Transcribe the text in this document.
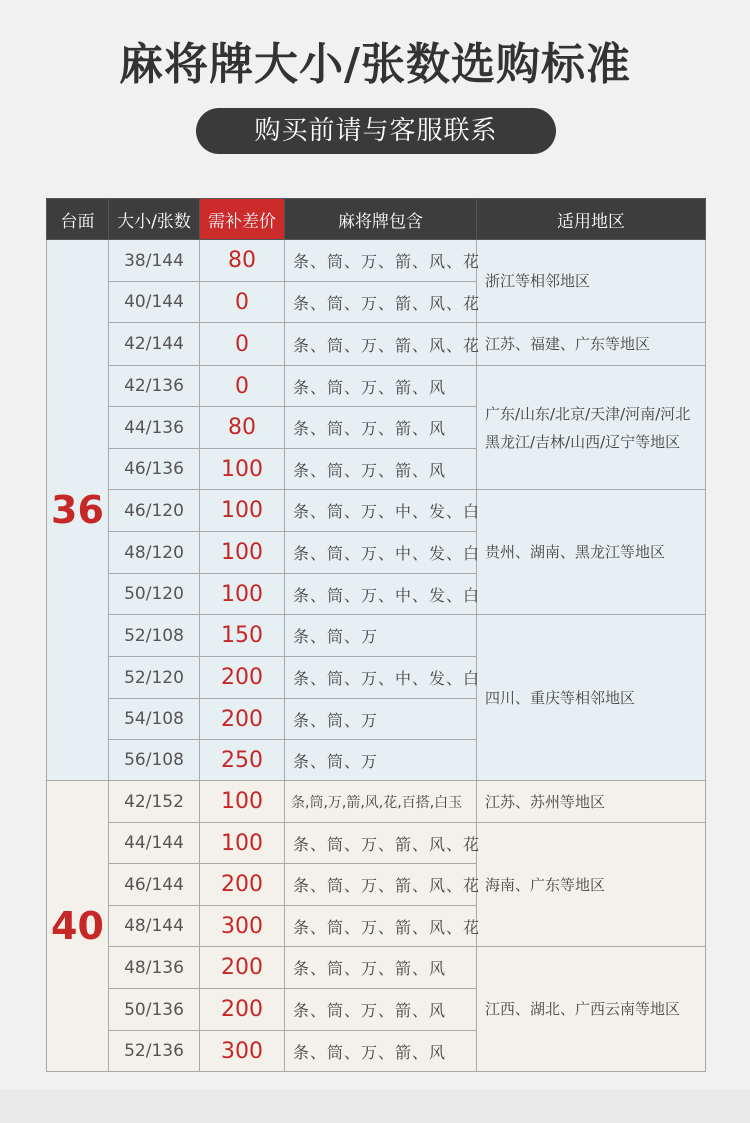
麻将牌大小/张数选购标准
购买前请与客服联系
台面	大小/张数	需补差价	麻将牌包含	适用地区
36	38/144	80	条、筒、万、箭、风、花	浙江等相邻地区
	40/144	0	条、筒、万、箭、风、花	
	42/144	0	条、筒、万、箭、风、花	江苏、福建、广东等地区
	42/136	0	条、筒、万、箭、风	广东/山东/北京/天津/河南/河北黑龙江/吉林/山西/辽宁等地区
	44/136	80	条、筒、万、箭、风	
	46/136	100	条、筒、万、箭、风	
	46/120	100	条、筒、万、中、发、白	贵州、湖南、黑龙江等地区
	48/120	100	条、筒、万、中、发、白	
	50/120	100	条、筒、万、中、发、白	
	52/108	150	条、筒、万	四川、重庆等相邻地区
	52/120	200	条、筒、万、中、发、白	
	54/108	200	条、筒、万	
	56/108	250	条、筒、万	
40	42/152	100	条,筒,万,箭,风,花,百搭,白玉	江苏、苏州等地区
	44/144	100	条、筒、万、箭、风、花	海南、广东等地区
	46/144	200	条、筒、万、箭、风、花	
	48/144	300	条、筒、万、箭、风、花	
	48/136	200	条、筒、万、箭、风	江西、湖北、广西云南等地区
	50/136	200	条、筒、万、箭、风	
	52/136	300	条、筒、万、箭、风	
